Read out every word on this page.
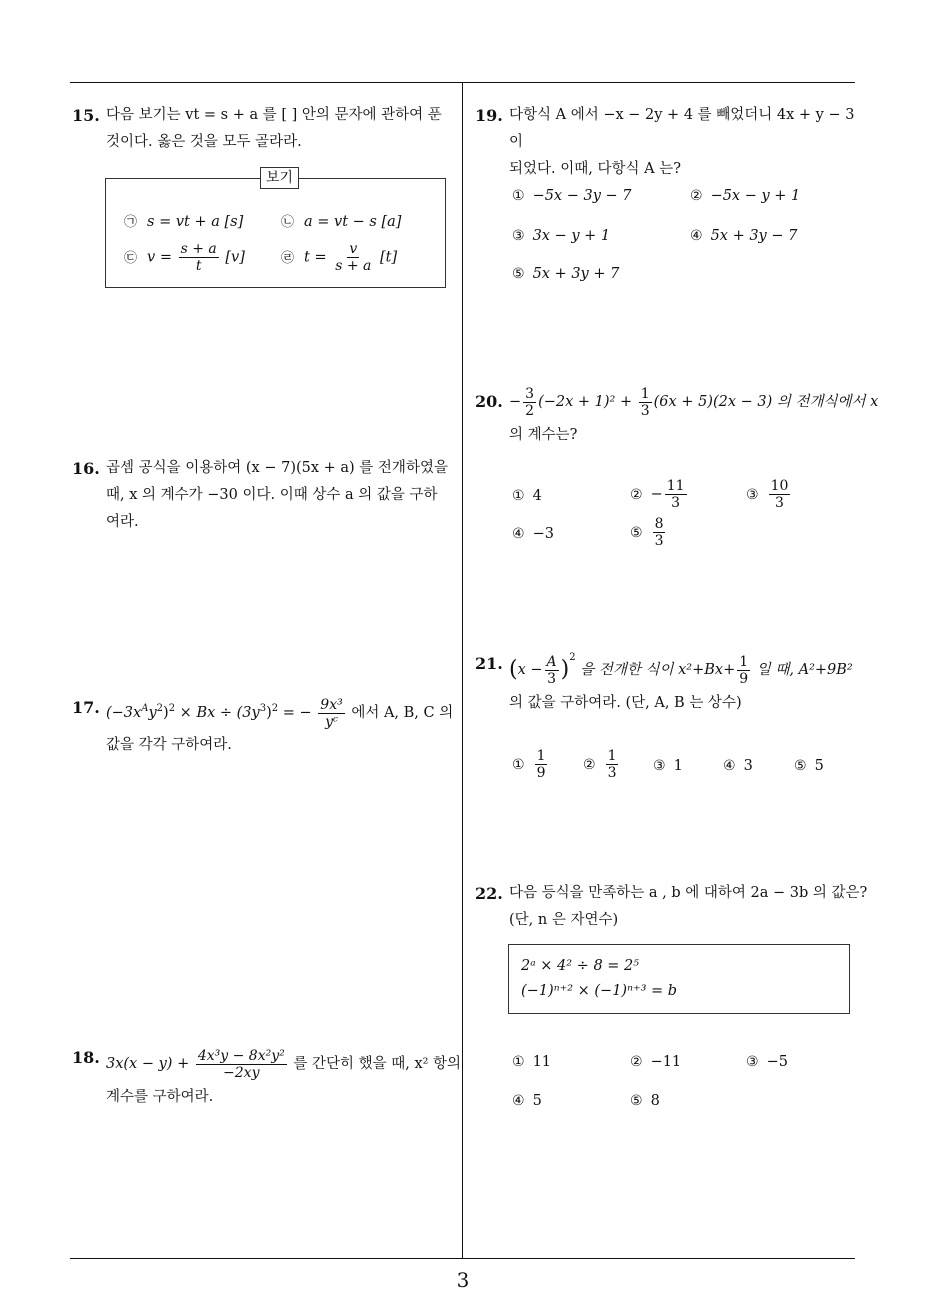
15. 다음 보기는 vt = s + a 를 [ ] 안의 문자에 관하여 푼
것이다. 옳은 것을 모두 골라라.
보기
㉠ s = vt + a [s]	㉡ a = vt − s [a]
㉢ $v = \frac{s + a}{t} [v]$	㉣ $t = \frac{v}{s + a} [t]$
16. 곱셈 공식을 이용하여 (x − 7)(5x + a) 를 전개하였을
때, x 의 계수가 −30 이다. 이때 상수 a 의 값을 구하
여라.
17. $(-3x^Ay^2)^2 \times Bx \div (3y^3)^2$ = − $\frac{\text{9x³}}{\text{yᶜ}}$ 에서 A, B, C 의
값을 각각 구하여라.
18. $3x(x - y) + \frac{\text{4x³y − 8x²y²}}{-2xy}$ 를 간단히 했을 때, x² 항의
계수를 구하여라.
19. 다항식 A 에서 −x − 2y + 4 를 빼었더니 4x + y − 3 이
되었다. 이때, 다항식 A 는?
① −5x − 3y − 7	② −5x − y + 1
③ 3x − y + 1	④ 5x + 3y − 7
⑤ 5x + 3y + 7
20. − $\frac{3}{2} (-2x + 1)^2 + \frac{1}{3} (6x + 5)(2x - 3)$ 의 전개식에서 x
의 계수는?
① 4	② − $\frac{11}{3}$	③ $\frac{10}{3}$
④ −3	⑤ $\frac{8}{3}$
21. $(x - \frac{A}{3} )^2$ 을 전개한 식이 $x^2+Bx+ \frac{1}{9}$ 일 때, A²+9B²
의 값을 구하여라. (단, A, B 는 상수)
① $\frac{1}{9}$	② $\frac{1}{3}$ ③ 1	④ 3	⑤ 5
22. 다음 등식을 만족하는 a , b 에 대하여 2a − 3b 의 값은?
(단, n 은 자연수)
2ᵃ × 4² ÷ 8 = 2⁵
(−1)ⁿ⁺² × (−1)ⁿ⁺³ = b
① 11	② −11	③ −5
④ 5	⑤ 8
3
